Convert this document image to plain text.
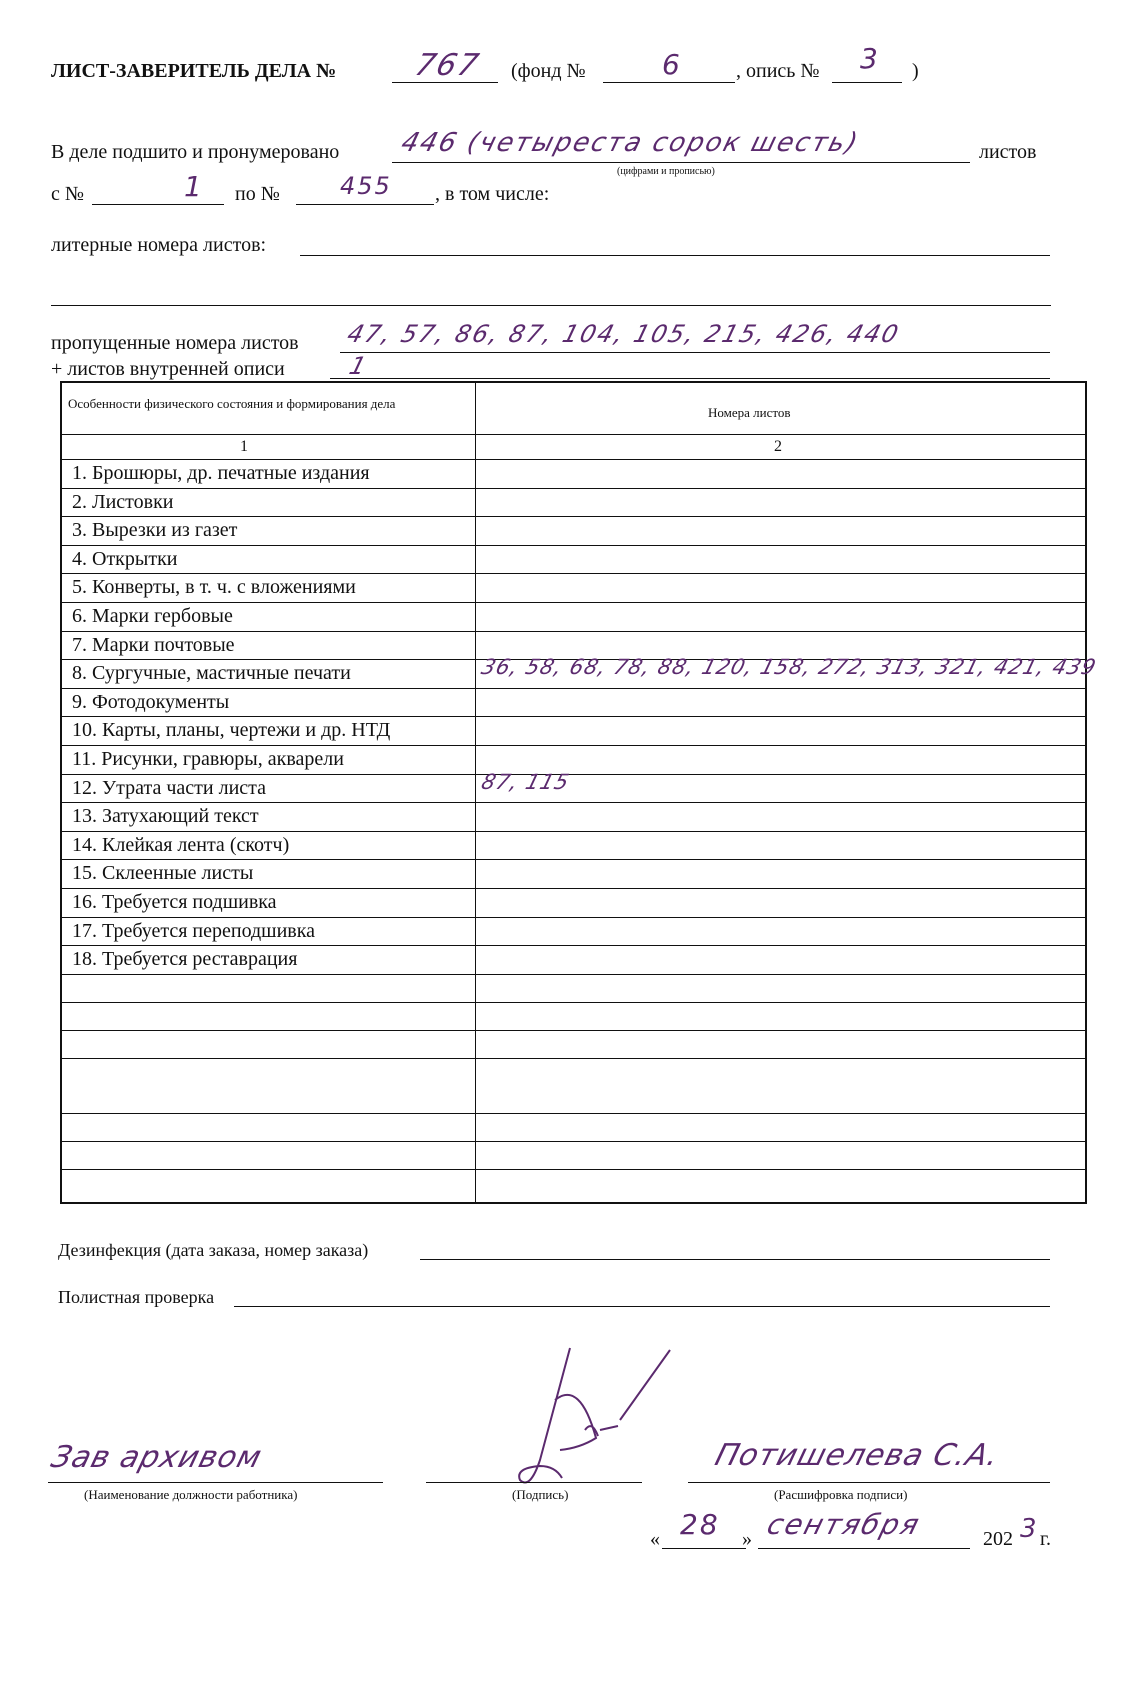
ЛИСТ-ЗАВЕРИТЕЛЬ ДЕЛА №	767 (фонд №	6	, опись № 3 )
В деле подшито и пронумеровано 446 (четыреста сорок шесть)
(цифрами и прописью)
листов
с №	1 по №	455 , в том числе:
литерные номера листов:
пропущенные номера листов 47, 57, 86, 87, 104, 105, 215, 426, 440
+ листов внутренней описи	1
Особенности физического состояния и формирования дела
Номера листов
1	2
1. Брошюры, др. печатные издания
2. Листовки
3. Вырезки из газет
4. Открытки
5. Конверты, в т. ч. с вложениями
6. Марки гербовые
7. Марки почтовые
8. Сургучные, мастичные печати	36, 58, 68, 78, 88, 120, 158, 272, 313, 321, 421, 439
9. Фотодокументы
10. Карты, планы, чертежи и др. НТД
11. Рисунки, гравюры, акварели
12. Утрата части листа	87, 115
13. Затухающий текст
14. Клейкая лента (скотч)
15. Склеенные листы
16. Требуется подшивка
17. Требуется переподшивка
18. Требуется реставрация
Дезинфекция (дата заказа, номер заказа)
Полистная проверка
Зав архивом
(Наименование должности работника)	(Подпись)
Потишелева С.А.
(Расшифровка подписи)
« 28 » сентября	202 3 г.
